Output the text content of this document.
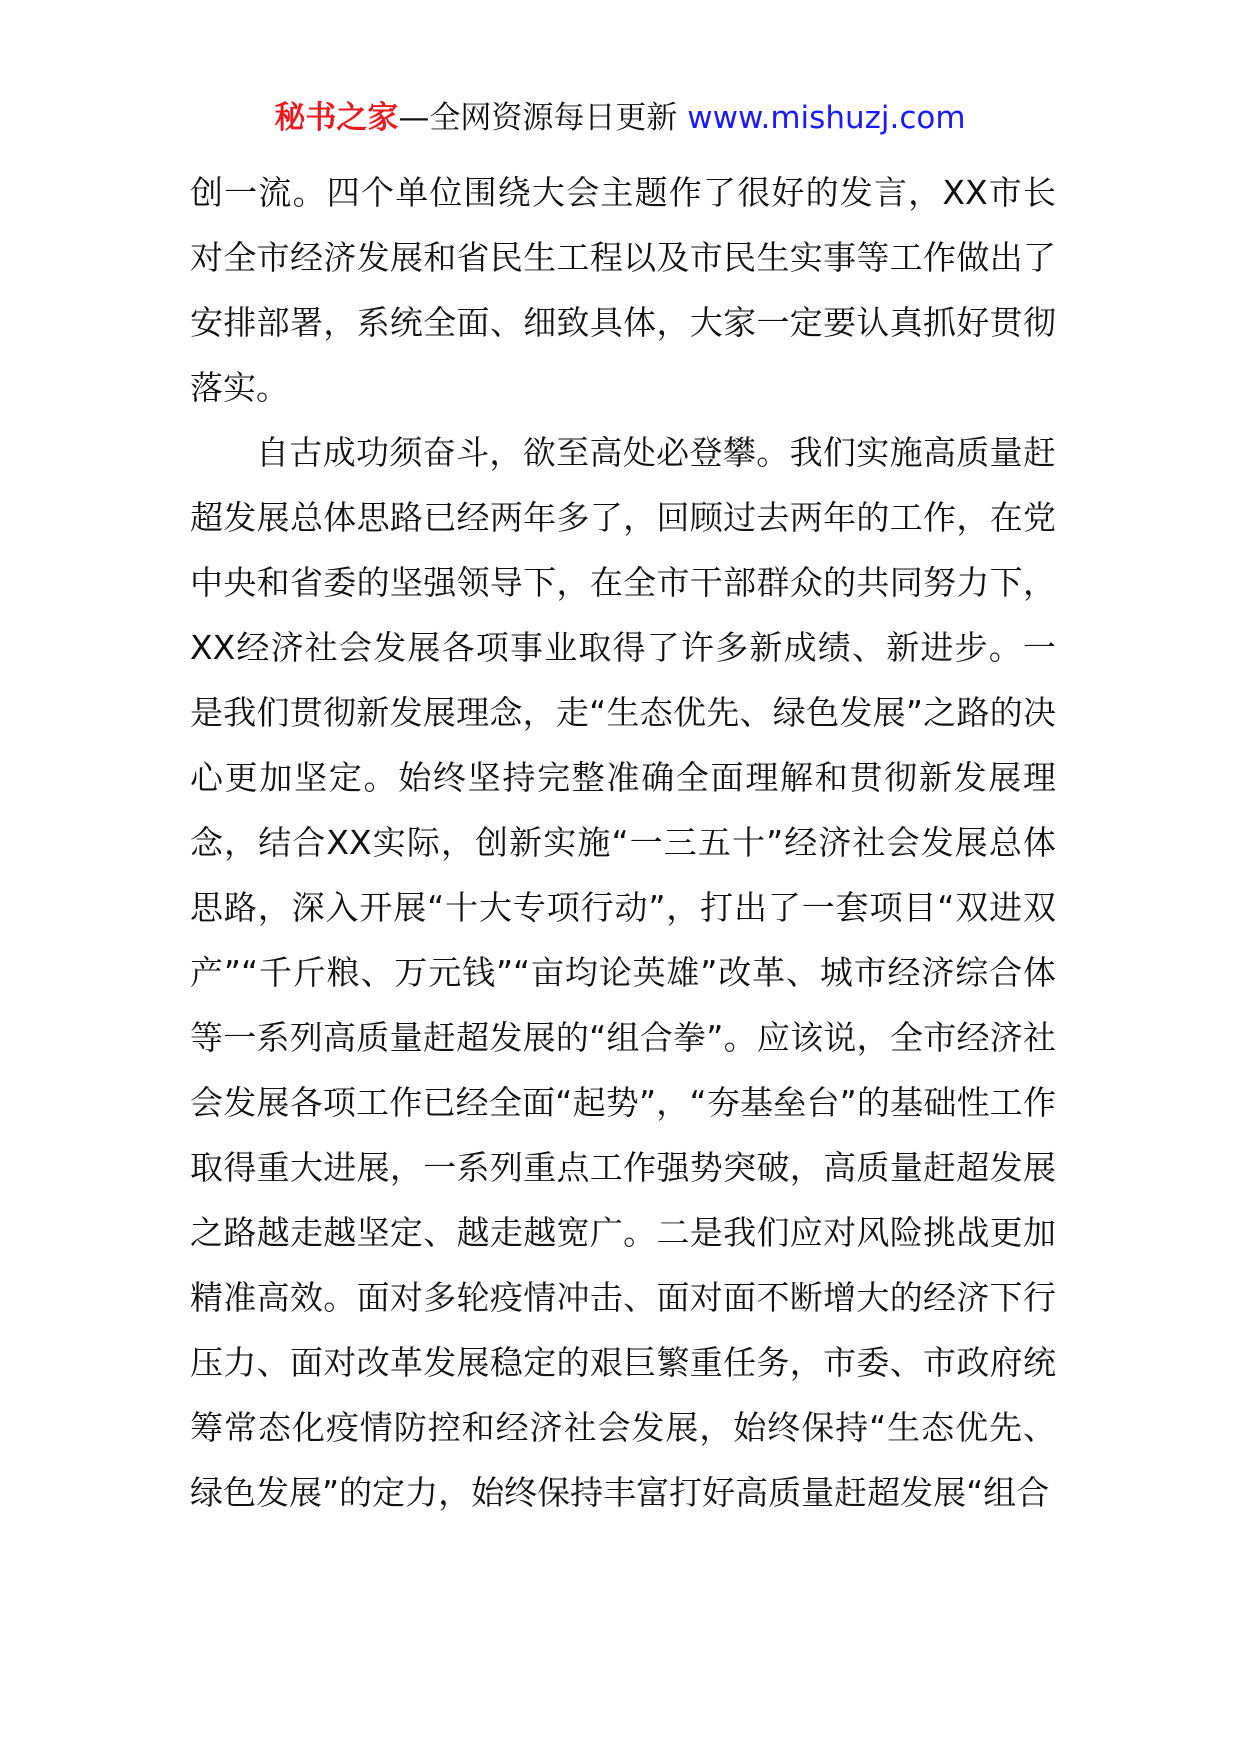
秘书之家—全网资源每日更新 www.mishuzj.com

创一流。四个单位围绕大会主题作了很好的发言，XX市长对全市经济发展和省民生工程以及市民生实事等工作做出了安排部署，系统全面、细致具体，大家一定要认真抓好贯彻落实。

自古成功须奋斗，欲至高处必登攀。我们实施高质量赶超发展总体思路已经两年多了，回顾过去两年的工作，在党中央和省委的坚强领导下，在全市干部群众的共同努力下，XX经济社会发展各项事业取得了许多新成绩、新进步。一是我们贯彻新发展理念，走“生态优先、绿色发展”之路的决心更加坚定。始终坚持完整准确全面理解和贯彻新发展理念，结合XX实际，创新实施“一三五十”经济社会发展总体思路，深入开展“十大专项行动”，打出了一套项目“双进双产”“千斤粮、万元钱”“亩均论英雄”改革、城市经济综合体等一系列高质量赶超发展的“组合拳”。应该说，全市经济社会发展各项工作已经全面“起势”，“夯基垒台”的基础性工作取得重大进展，一系列重点工作强势突破，高质量赶超发展之路越走越坚定、越走越宽广。二是我们应对风险挑战更加精准高效。面对多轮疫情冲击、面对面不断增大的经济下行压力、面对改革发展稳定的艰巨繁重任务，市委、市政府统筹常态化疫情防控和经济社会发展，始终保持“生态优先、绿色发展”的定力，始终保持丰富打好高质量赶超发展“组合
